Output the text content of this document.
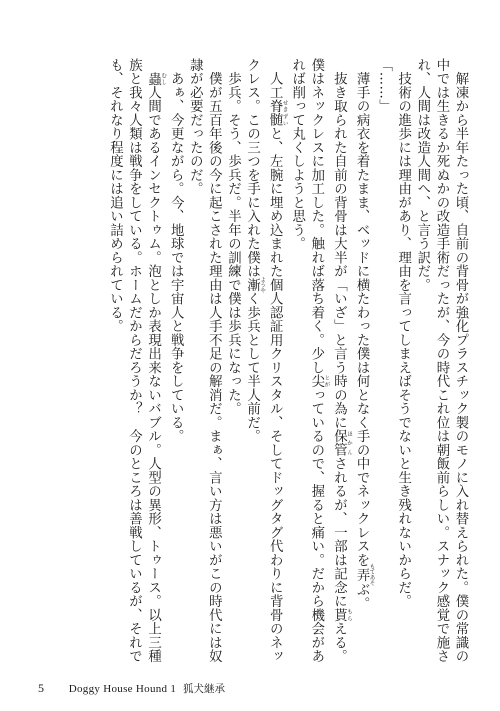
　解凍から半年たった頃、自前の背骨が強化プラスチック製のモノに入れ替えられた。僕の常識の
中では生きるか死ぬかの改造手術だったが、今の時代これ位は朝飯前らしい。スナック感覚で施さ
れ、人間は改造人間へ、と言う訳だ。
　技術の進歩には理由があり、理由を言ってしまえばそうでないと生き残れないからだ。
「……」
　薄手の病衣を着たまま、ベッドに横たわった僕は何となく手の中でネックレスを弄 もてあそぶ。
　抜き取られた自前の背骨は大半が「いざ」と言う時の為に保管 ほかんされるが、一部は記念に貰 もらえる。
僕はネックレスに加工した。触れば落ち着く。少し尖 とがっているので、握ると痛い。だから機会があ
れば削って丸くしようと思う。
　人工脊髄 せきずいと、左腕に埋め込まれた個人認証用クリスタル、そしてドッグタグ代わりに背骨のネッ
クレス。この三つを手に入れた僕は漸 ようやく歩兵として半人前だ。
　歩兵。そう、歩兵だ。半年の訓練で僕は歩兵になった。
　僕が五百年後の今に起こされた理由は人手不足の解消だ。まぁ、言い方は悪いがこの時代には奴
隷が必要だったのだ。
　あぁ、今更ながら。今、地球では宇宙人と戦争をしている。
　蟲 むし人間であるインセクトゥム。泡としか表現出来ないバブル。人型の異形、トゥース。以上三種
族と我々人類は戦争をしている。ホームだからだろうか？　今のところは善戦しているが、それで
も、それなり程度には追い詰められている。
5 Doggy House Hound 1 狐犬継承
